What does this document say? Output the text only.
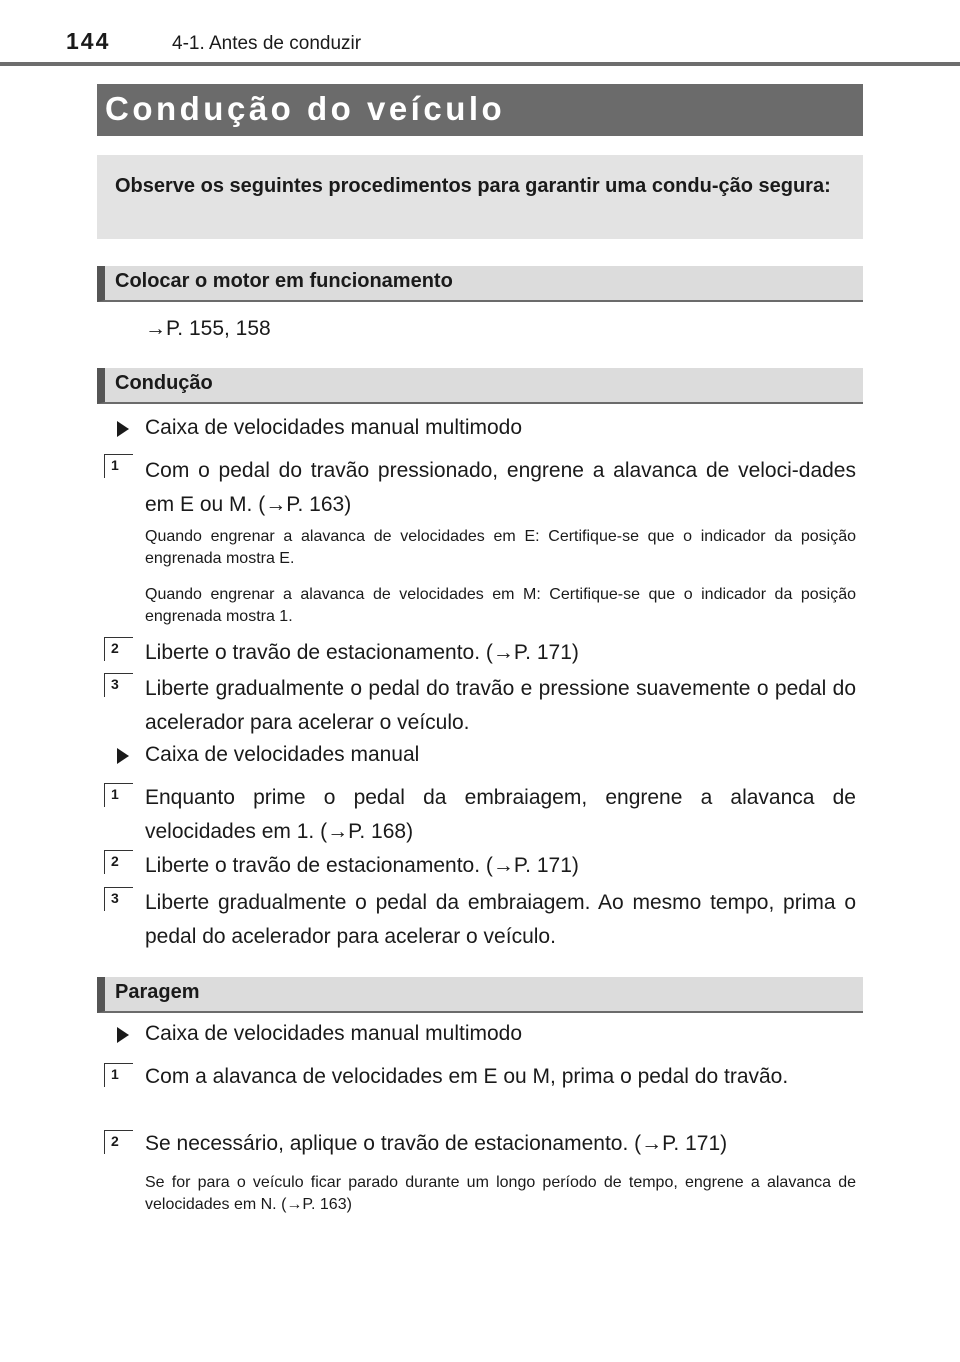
144	4-1. Antes de conduzir
Condução do veículo

Observe os seguintes procedimentos para garantir uma condu-ção segura:

Colocar o motor em funcionamento
→P. 155, 158
Condução
Caixa de velocidades manual multimodo
1	Com o pedal do travão pressionado, engrene a alavanca de veloci-dades em E ou M. (→P. 163)
Quando engrenar a alavanca de velocidades em E: Certifique-se que o indicador da posição engrenada mostra E.
Quando engrenar a alavanca de velocidades em M: Certifique-se que o indicador da posição engrenada mostra 1.
2	Liberte o travão de estacionamento. (→P. 171)
3	Liberte gradualmente o pedal do travão e pressione suavemente o pedal do acelerador para acelerar o veículo.
Caixa de velocidades manual
1	Enquanto prime o pedal da embraiagem, engrene a alavanca de velocidades em 1. (→P. 168)
2	Liberte o travão de estacionamento. (→P. 171)
3	Liberte gradualmente o pedal da embraiagem. Ao mesmo tempo, prima o pedal do acelerador para acelerar o veículo.
Paragem
Caixa de velocidades manual multimodo
1	Com a alavanca de velocidades em E ou M, prima o pedal do travão.
2	Se necessário, aplique o travão de estacionamento. (→P. 171)
Se for para o veículo ficar parado durante um longo período de tempo, engrene a alavanca de velocidades em N. (→P. 163)
